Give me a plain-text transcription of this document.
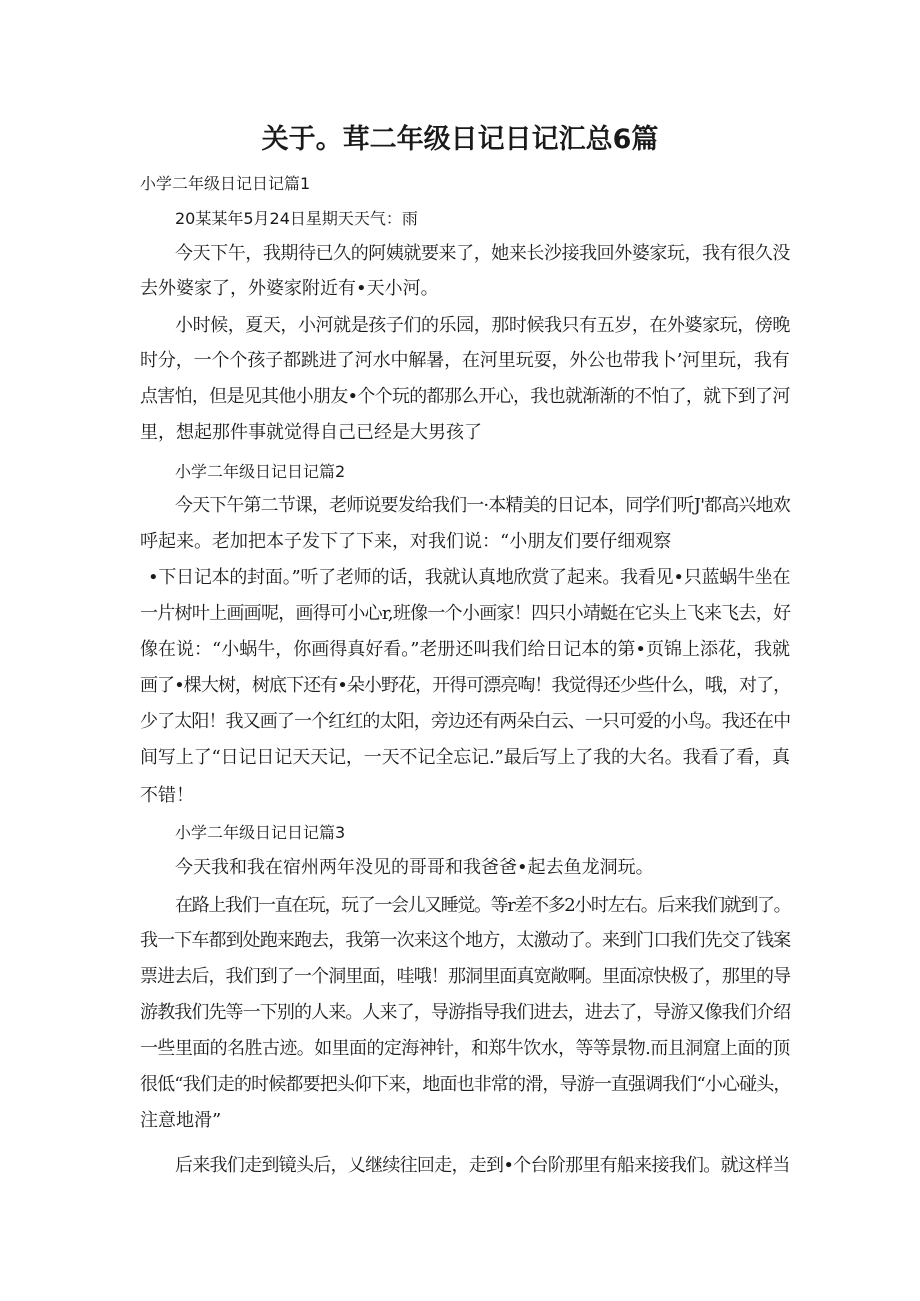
关于。茸二年级日记日记汇总6篇
小学二年级日记日记篇1
20某某年5月24日星期天天气：雨
今天下午，我期待已久的阿姨就要来了，她来长沙接我回外婆家玩，我有很久没
去外婆家了，外婆家附近有•天小河。
小时候，夏天，小河就是孩子们的乐园，那时候我只有五岁，在外婆家玩，傍晚
时分，一个个孩子都跳进了河水中解暑，在河里玩耍，外公也带我卜’河里玩，我有
点害怕，但是见其他小朋友•个个玩的都那么开心，我也就渐渐的不怕了，就下到了河
里，想起那件事就觉得自己已经是大男孩了
小学二年级日记日记篇2
今天下午第二节课，老师说要发给我们一·本精美的日记本，同学们听J'都高兴地欢
呼起来。老加把本子发下了下来，对我们说：“小朋友们要仔细观察
•下日记本的封面。”听了老师的话，我就认真地欣赏了起来。我看见•只蓝蜗牛坐在
一片树叶上画画呢，画得可小心r,班像一个小画家！四只小靖蜓在它头上飞来飞去，好
像在说：“小蜗牛，你画得真好看。”老册还叫我们给日记本的第•页锦上添花，我就
画了•棵大树，树底下还有•朵小野花，开得可漂亮啕！我觉得还少些什么，哦，对了，
少了太阳！我又画了一个红红的太阳，旁边还有两朵白云、一只可爱的小鸟。我还在中
间写上了“日记日记天天记，一天不记全忘记.”最后写上了我的大名。我看了看，真
不错！
小学二年级日记日记篇3
今天我和我在宿州两年没见的哥哥和我爸爸•起去鱼龙洞玩。
在路上我们一直在玩，玩了一会儿又睡觉。等r差不多2小时左右。后来我们就到了。
我一下车都到处跑来跑去，我第一次来这个地方，太激动了。来到门口我们先交了钱案
票进去后，我们到了一个洞里面，哇哦！那洞里面真宽敞啊。里面凉快极了，那里的导
游教我们先等一下别的人来。人来了，导游指导我们进去，进去了，导游又像我们介绍
一些里面的名胜古迹。如里面的定海神针，和郑牛饮水，等等景物.而且洞窟上面的顶
很低“我们走的时候都要把头仰下来，地面也非常的滑，导游一直强调我们“小心碰头，
注意地滑”
后来我们走到镜头后，乂继续往回走，走到•个台阶那里有船来接我们。就这样当
